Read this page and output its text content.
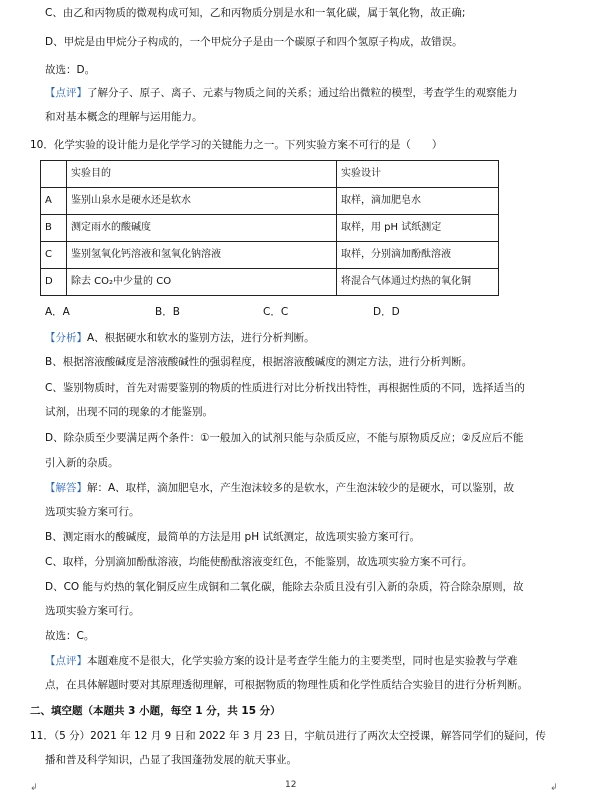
C、由乙和丙物质的微观构成可知，乙和丙物质分别是水和一氧化碳，属于氧化物，故正确;
D、甲烷是由甲烷分子构成的，一个甲烷分子是由一个碳原子和四个氢原子构成，故错误。
故选：D。
【点评】了解分子、原子、离子、元素与物质之间的关系；通过给出微粒的模型，考查学生的观察能力
和对基本概念的理解与运用能力。
10．化学实验的设计能力是化学学习的关键能力之一。下列实验方案不可行的是（　　）
	实验目的	实验设计
A	鉴别山泉水是硬水还是软水	取样，滴加肥皂水
B	测定雨水的酸碱度	取样，用 pH 试纸测定
C	鉴别氢氧化钙溶液和氢氧化钠溶液	取样，分别滴加酚酞溶液
D	除去 CO₂中少量的 CO	将混合气体通过灼热的氧化铜
A．A	B．B	C．C	D．D
【分析】A、根据硬水和软水的鉴别方法，进行分析判断。
B、根据溶液酸碱度是溶液酸碱性的强弱程度，根据溶液酸碱度的测定方法，进行分析判断。
C、鉴别物质时，首先对需要鉴别的物质的性质进行对比分析找出特性，再根据性质的不同，选择适当的
试剂，出现不同的现象的才能鉴别。
D、除杂质至少要满足两个条件：①一般加入的试剂只能与杂质反应，不能与原物质反应；②反应后不能
引入新的杂质。
【解答】解：A、取样，滴加肥皂水，产生泡沫较多的是软水，产生泡沫较少的是硬水，可以鉴别，故
选项实验方案可行。
B、测定雨水的酸碱度，最简单的方法是用 pH 试纸测定，故选项实验方案可行。
C、取样，分别滴加酚酞溶液，均能使酚酞溶液变红色，不能鉴别，故选项实验方案不可行。
D、CO 能与灼热的氧化铜反应生成铜和二氧化碳，能除去杂质且没有引入新的杂质，符合除杂原则，故
选项实验方案可行。
故选：C。
【点评】本题难度不是很大，化学实验方案的设计是考查学生能力的主要类型，同时也是实验教与学难
点，在具体解题时要对其原理透彻理解，可根据物质的物理性质和化学性质结合实验目的进行分析判断。
二、填空题（本题共 3 小题，每空 1 分，共 15 分）
11．（5 分）2021 年 12 月 9 日和 2022 年 3 月 23 日，宇航员进行了两次太空授课，解答同学们的疑问，传
播和普及科学知识，凸显了我国蓬勃发展的航天事业。
12
↲	↲
